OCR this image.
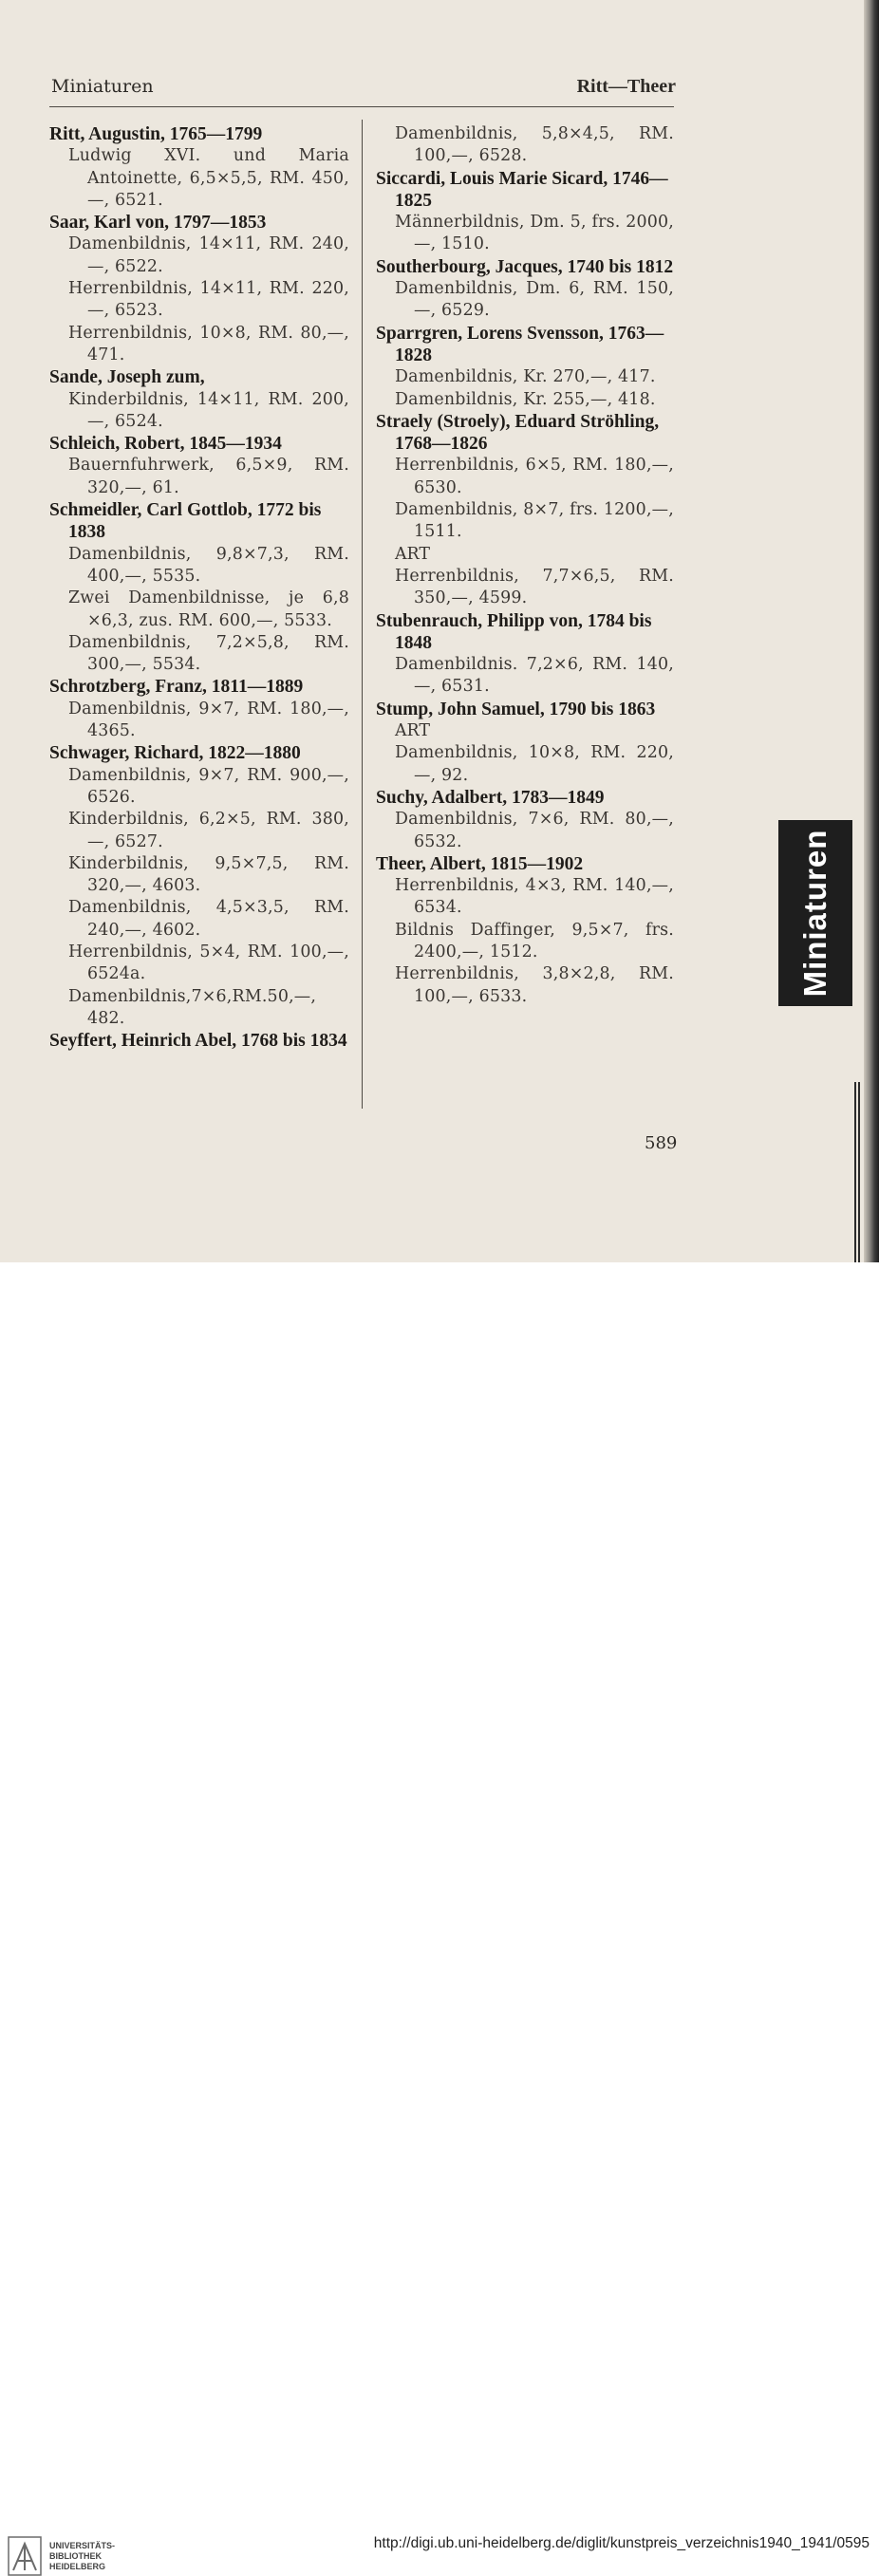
Miniaturen	Ritt—Theer
Ritt, Augustin, 1765—1799
Ludwig XVI. und Maria Antoinette, 6,5×5,5, RM. 450,—, 6521.
Saar, Karl von, 1797—1853
Damenbildnis, 14×11, RM. 240,—, 6522.
Herrenbildnis, 14×11, RM. 220,—, 6523.
Herrenbildnis, 10×8, RM. 80,—, 471.
Sande, Joseph zum,
Kinderbildnis, 14×11, RM. 200,—, 6524.
Schleich, Robert, 1845—1934
Bauernfuhrwerk, 6,5×9, RM. 320,—, 61.
Schmeidler, Carl Gottlob, 1772 bis 1838
Damenbildnis, 9,8×7,3, RM. 400,—, 5535.
Zwei Damenbildnisse, je 6,8 ×6,3, zus. RM. 600,—, 5533.
Damenbildnis, 7,2×5,8, RM. 300,—, 5534.
Schrotzberg, Franz, 1811—1889
Damenbildnis, 9×7, RM. 180,—, 4365.
Schwager, Richard, 1822—1880
Damenbildnis, 9×7, RM. 900,—, 6526.
Kinderbildnis, 6,2×5, RM. 380,—, 6527.
Kinderbildnis, 9,5×7,5, RM. 320,—, 4603.
Damenbildnis, 4,5×3,5, RM. 240,—, 4602.
Herrenbildnis, 5×4, RM. 100,—, 6524a.
Damenbildnis,7×6,RM.50,—, 482.
Seyffert, Heinrich Abel, 1768 bis 1834
Damenbildnis, 5,8×4,5, RM. 100,—, 6528.
Siccardi, Louis Marie Sicard, 1746—1825
Männerbildnis, Dm. 5, frs. 2000,—, 1510.
Southerbourg, Jacques, 1740 bis 1812
Damenbildnis, Dm. 6, RM. 150,—, 6529.
Sparrgren, Lorens Svensson, 1763—1828
Damenbildnis, Kr. 270,—, 417.
Damenbildnis, Kr. 255,—, 418.
Straely (Stroely), Eduard Ströhling, 1768—1826
Herrenbildnis, 6×5, RM. 180,—, 6530.
Damenbildnis, 8×7, frs. 1200,—, 1511.
ART
Herrenbildnis, 7,7×6,5, RM. 350,—, 4599.
Stubenrauch, Philipp von, 1784 bis 1848
Damenbildnis. 7,2×6, RM. 140,—, 6531.
Stump, John Samuel, 1790 bis 1863
ART
Damenbildnis, 10×8, RM. 220,—, 92.
Suchy, Adalbert, 1783—1849
Damenbildnis, 7×6, RM. 80,—, 6532.
Theer, Albert, 1815—1902
Herrenbildnis, 4×3, RM. 140,—, 6534.
Bildnis Daffinger, 9,5×7, frs. 2400,—, 1512.
Herrenbildnis, 3,8×2,8, RM. 100,—, 6533.
589
Miniaturen
UNIVERSITÄTS-
BIBLIOTHEK
HEIDELBERG
http://digi.ub.uni-heidelberg.de/diglit/kunstpreis_verzeichnis1940_1941/0595
